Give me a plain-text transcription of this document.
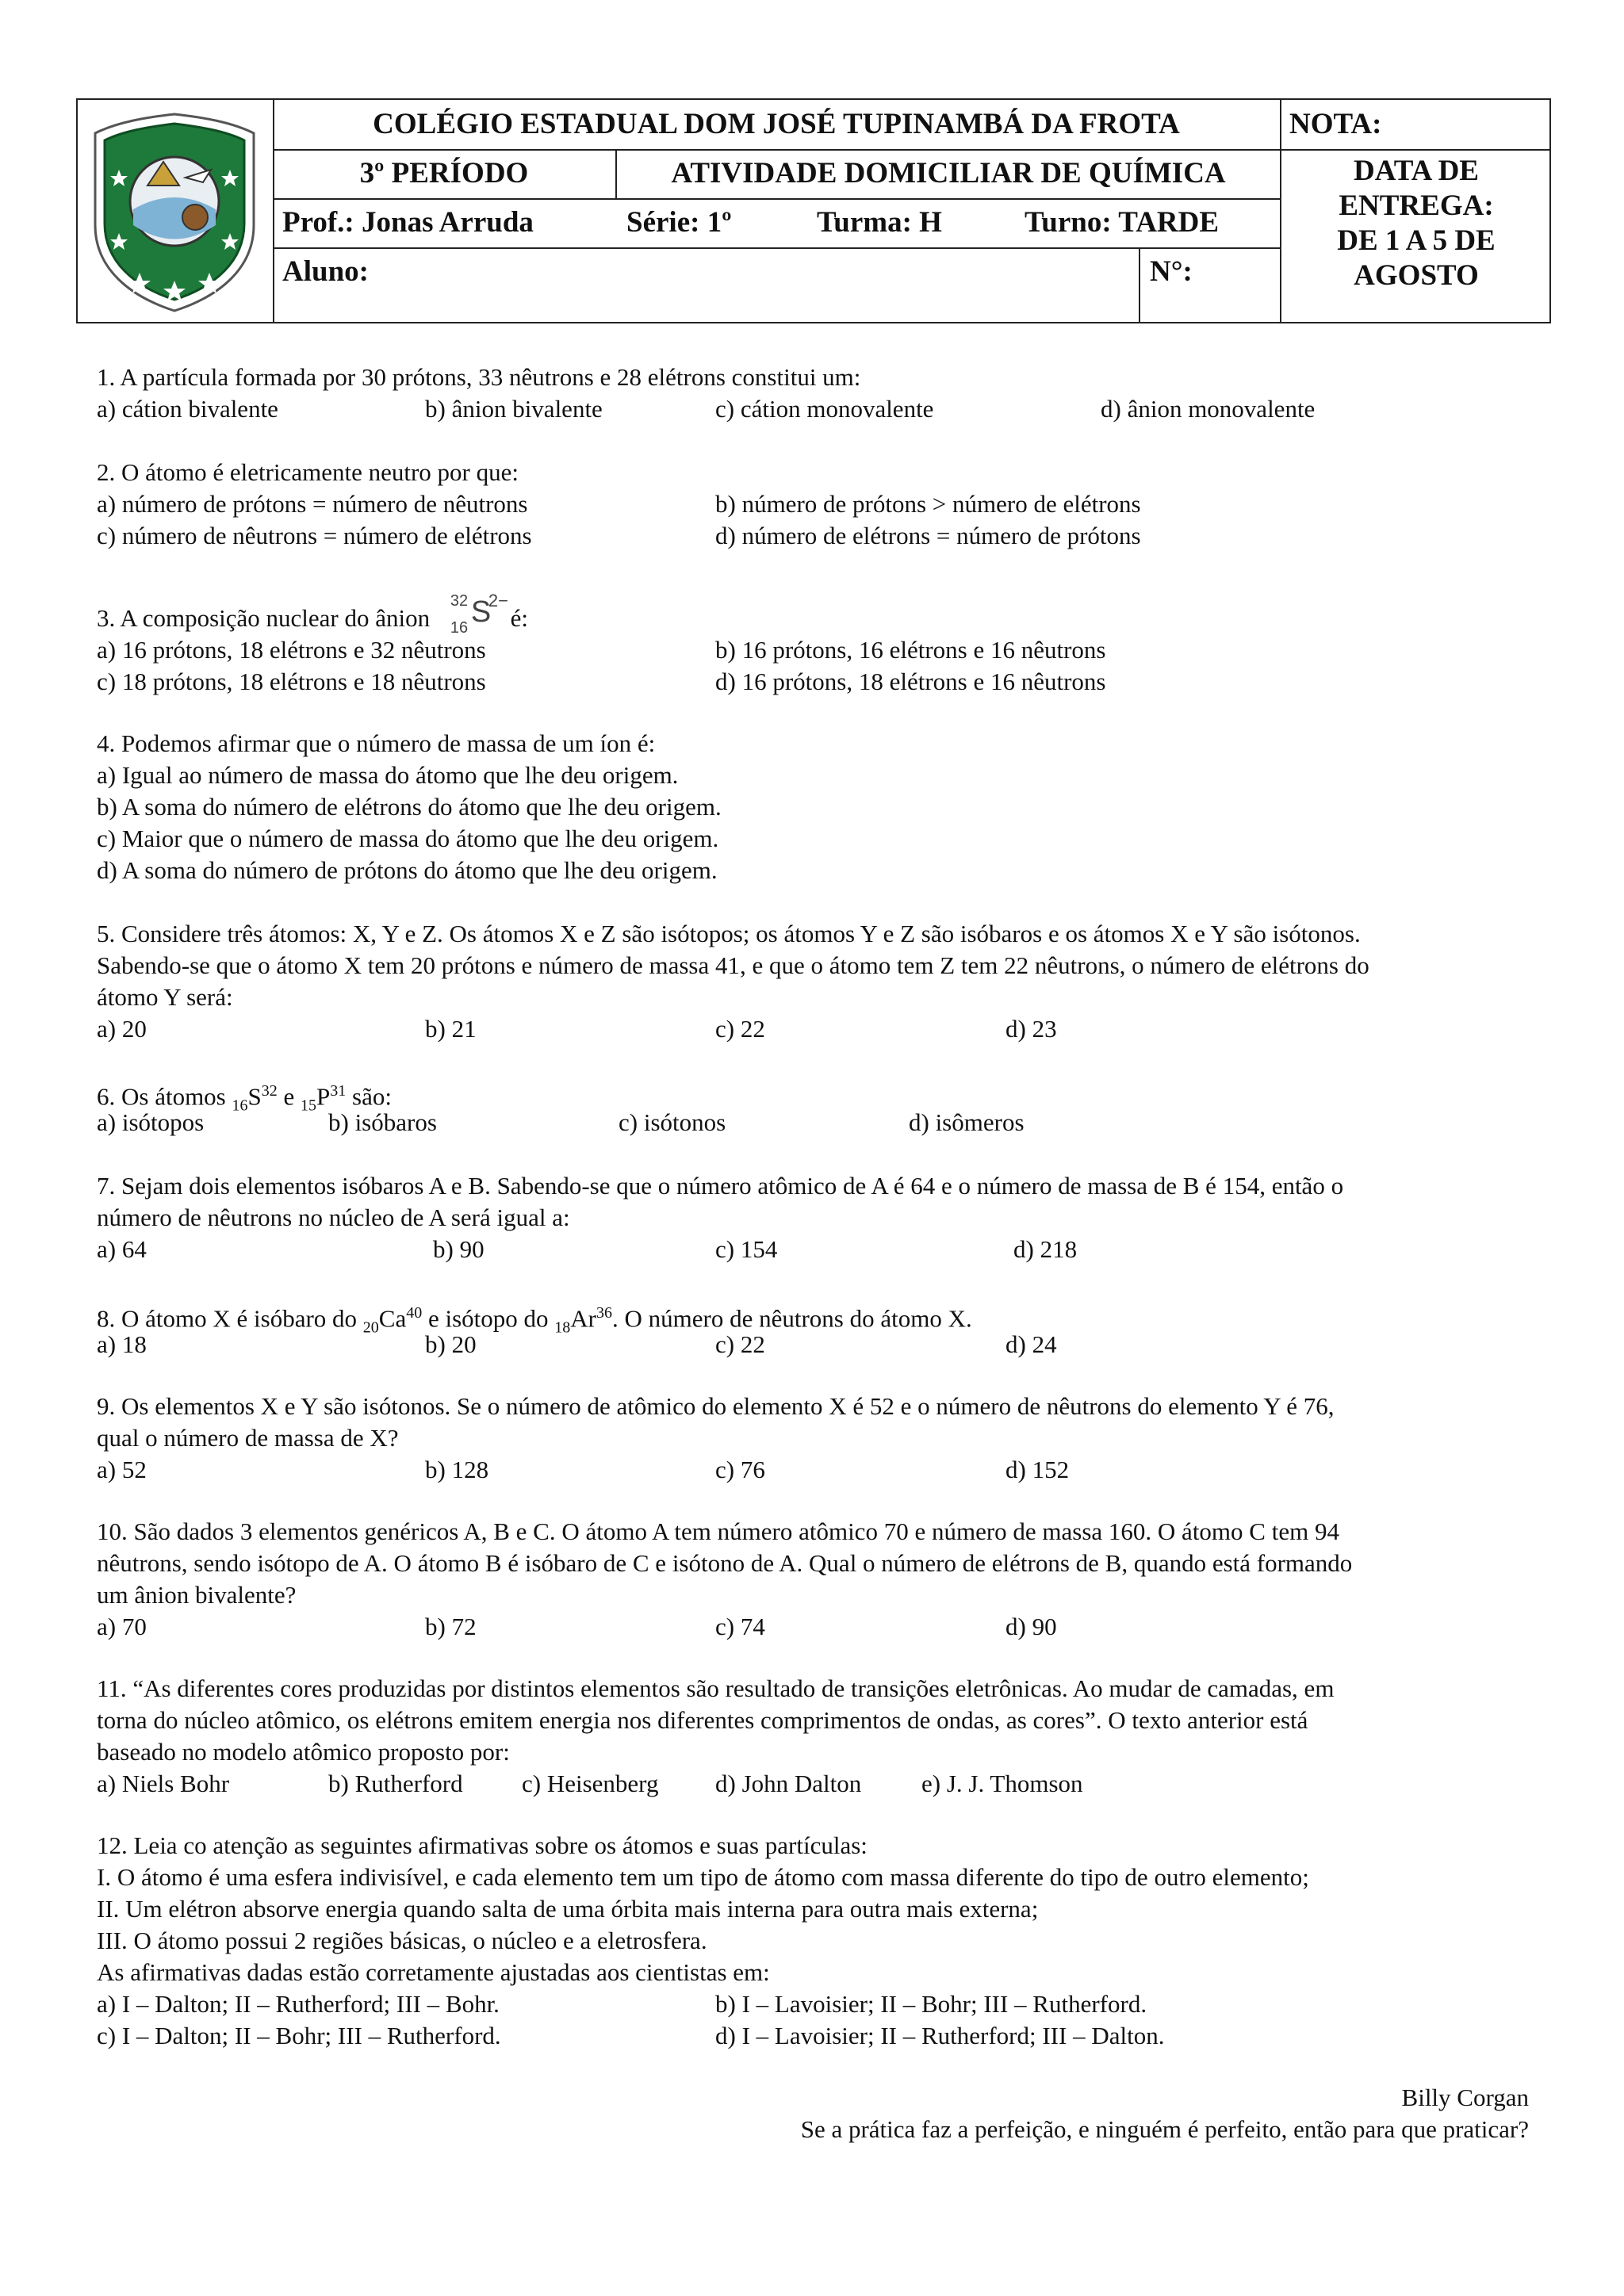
COLÉGIO ESTADUAL DOM JOSÉ TUPINAMBÁ DA FROTA	NOTA:
3º PERÍODO	ATIVIDADE DOMICILIAR DE QUÍMICA
Prof.: Jonas Arruda	Série: 1º	Turma: H	Turno: TARDE
Aluno:	N°:
DATA DE
ENTREGA:
DE 1 A 5 DE
AGOSTO
1. A partícula formada por 30 prótons, 33 nêutrons e 28 elétrons constitui um:
a) cátion bivalente	b) ânion bivalente	c) cátion monovalente	d) ânion monovalente
2. O átomo é eletricamente neutro por que:
a) número de prótons = número de nêutrons	b) número de prótons > número de elétrons
c) número de nêutrons = número de elétrons	d) número de elétrons = número de prótons
3. A composição nuclear do ânion
32
16 S
2−
é:
a) 16 prótons, 18 elétrons e 32 nêutrons	b) 16 prótons, 16 elétrons e 16 nêutrons
c) 18 prótons, 18 elétrons e 18 nêutrons	d) 16 prótons, 18 elétrons e 16 nêutrons
4. Podemos afirmar que o número de massa de um íon é:
a) Igual ao número de massa do átomo que lhe deu origem.
b) A soma do número de elétrons do átomo que lhe deu origem.
c) Maior que o número de massa do átomo que lhe deu origem.
d) A soma do número de prótons do átomo que lhe deu origem.
5. Considere três átomos: X, Y e Z. Os átomos X e Z são isótopos; os átomos Y e Z são isóbaros e os átomos X e Y são isótonos.
Sabendo-se que o átomo X tem 20 prótons e número de massa 41, e que o átomo tem Z tem 22 nêutrons, o número de elétrons do
átomo Y será:
a) 20	b) 21	c) 22	d) 23
6. Os átomos $_{16}S^{32}$ e $_{15}P^{31}$ são:
a) isótopos	b) isóbaros	c) isótonos	d) isômeros
7. Sejam dois elementos isóbaros A e B. Sabendo-se que o número atômico de A é 64 e o número de massa de B é 154, então o
número de nêutrons no núcleo de A será igual a:
a) 64	b) 90	c) 154	d) 218
8. O átomo X é isóbaro do $_{20}Ca^{40}$ e isótopo do $_{18}Ar^{36}$. O número de nêutrons do átomo X.
a) 18	b) 20	c) 22	d) 24
9. Os elementos X e Y são isótonos. Se o número de atômico do elemento X é 52 e o número de nêutrons do elemento Y é 76,
qual o número de massa de X?
a) 52	b) 128	c) 76	d) 152
10. São dados 3 elementos genéricos A, B e C. O átomo A tem número atômico 70 e número de massa 160. O átomo C tem 94
nêutrons, sendo isótopo de A. O átomo B é isóbaro de C e isótono de A. Qual o número de elétrons de B, quando está formando
um ânion bivalente?
a) 70	b) 72	c) 74	d) 90
11. “As diferentes cores produzidas por distintos elementos são resultado de transições eletrônicas. Ao mudar de camadas, em
torna do núcleo atômico, os elétrons emitem energia nos diferentes comprimentos de ondas, as cores”. O texto anterior está
baseado no modelo atômico proposto por:
a) Niels Bohr	b) Rutherford c) Heisenberg d) John Dalton e) J. J. Thomson
12. Leia co atenção as seguintes afirmativas sobre os átomos e suas partículas:
I. O átomo é uma esfera indivisível, e cada elemento tem um tipo de átomo com massa diferente do tipo de outro elemento;
II. Um elétron absorve energia quando salta de uma órbita mais interna para outra mais externa;
III. O átomo possui 2 regiões básicas, o núcleo e a eletrosfera.
As afirmativas dadas estão corretamente ajustadas aos cientistas em:
a) I – Dalton; II – Rutherford; III – Bohr.	b) I – Lavoisier; II – Bohr; III – Rutherford.
c) I – Dalton; II – Bohr; III – Rutherford.	d) I – Lavoisier; II – Rutherford; III – Dalton.
Billy Corgan
Se a prática faz a perfeição, e ninguém é perfeito, então para que praticar?
